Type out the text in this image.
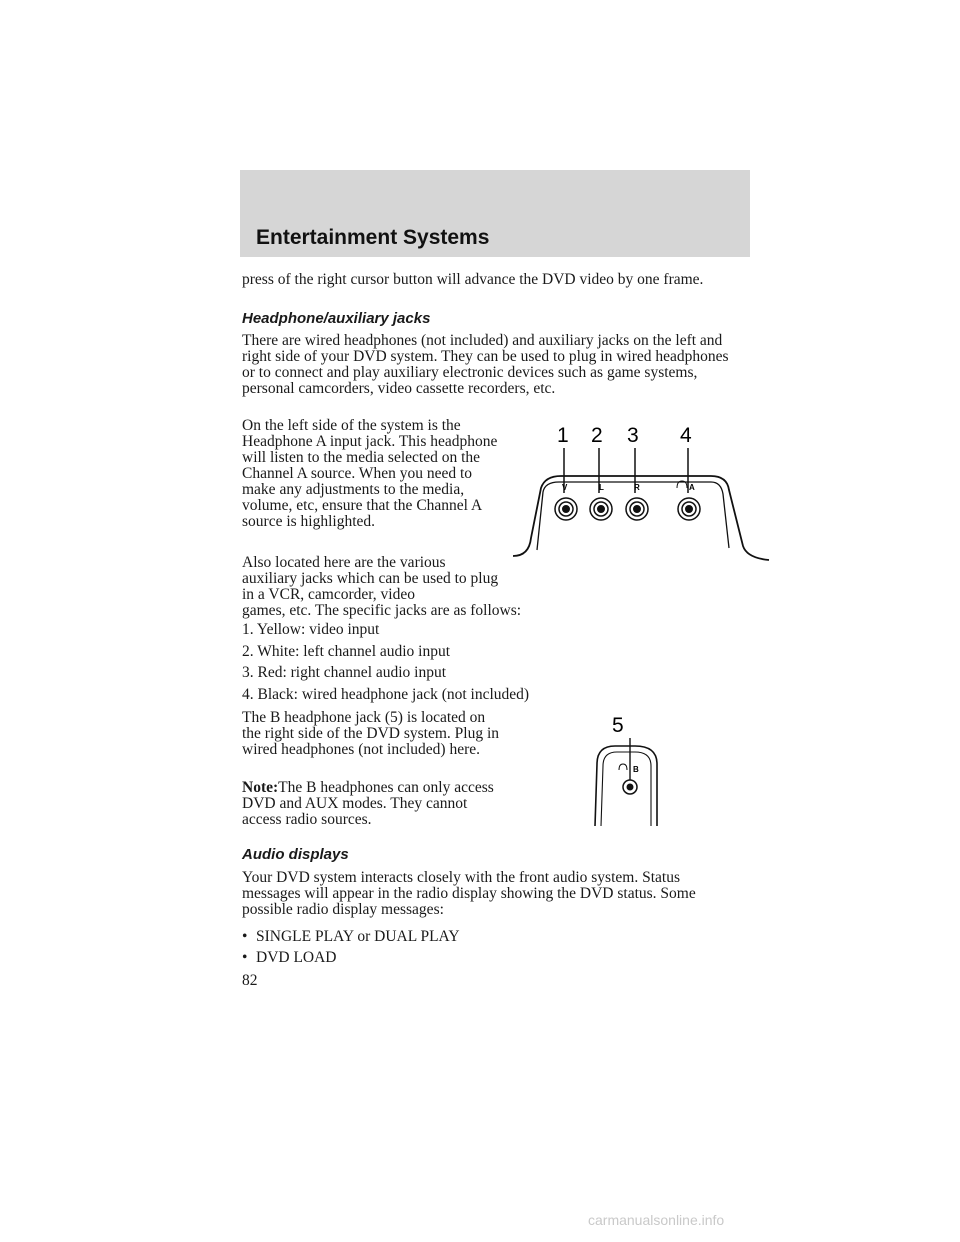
Entertainment Systems

press of the right cursor button will advance the DVD video by one frame.

Headphone/auxiliary jacks

There are wired headphones (not included) and auxiliary jacks on the left and right side of your DVD system. They can be used to plug in wired headphones or to connect and play auxiliary electronic devices such as game systems, personal camcorders, video cassette recorders, etc.

On the left side of the system is the Headphone A input jack. This headphone will listen to the media selected on the Channel A source. When you need to make any adjustments to the media, volume, etc, ensure that the Channel A source is highlighted.

Also located here are the various auxiliary jacks which can be used to plug in a VCR, camcorder, video

games, etc. The specific jacks are as follows:

1. Yellow: video input

2. White: left channel audio input

3. Red: right channel audio input

4. Black: wired headphone jack (not included)

The B headphone jack (5) is located on the right side of the DVD system. Plug in wired headphones (not included) here.

Note:The B headphones can only access DVD and AUX modes. They cannot access radio sources.

Audio displays

Your DVD system interacts closely with the front audio system. Status messages will appear in the radio display showing the DVD status. Some possible radio display messages:

• SINGLE PLAY or DUAL PLAY
• DVD LOAD
82
1 2 3 4
V	L	R	A
5
B
carmanualsonline.info
